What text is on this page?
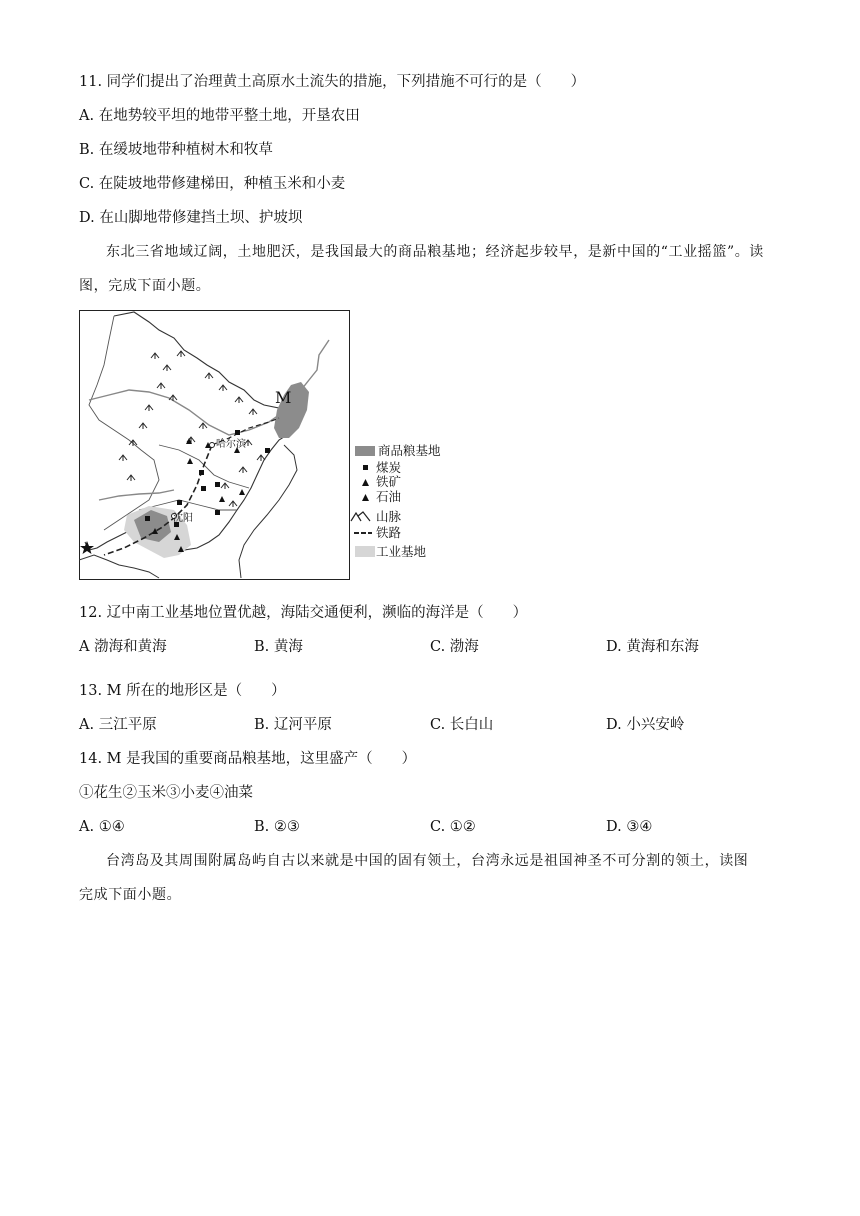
11. 同学们提出了治理黄土高原水土流失的措施，下列措施不可行的是（　　）
A. 在地势较平坦的地带平整土地，开垦农田
B. 在缓坡地带种植树木和牧草
C. 在陡坡地带修建梯田，种植玉米和小麦
D. 在山脚地带修建挡土坝、护坡坝
东北三省地域辽阔，土地肥沃，是我国最大的商品粮基地；经济起步较早，是新中国的“工业摇篮”。读
图，完成下面小题。
哈尔滨
沈阳
M
商品粮基地
煤炭
铁矿
石油
山脉
铁路
工业基地
12. 辽中南工业基地位置优越，海陆交通便利，濒临的海洋是（　　）
A 渤海和黄海	B. 黄海	C. 渤海	D. 黄海和东海
13. M 所在的地形区是（　　）
A. 三江平原	B. 辽河平原	C. 长白山	D. 小兴安岭
14. M 是我国的重要商品粮基地，这里盛产（　　）
①花生②玉米③小麦④油菜
A. ①④	B. ②③	C. ①②	D. ③④
台湾岛及其周围附属岛屿自古以来就是中国的固有领土，台湾永远是祖国神圣不可分割的领土，读图
完成下面小题。
